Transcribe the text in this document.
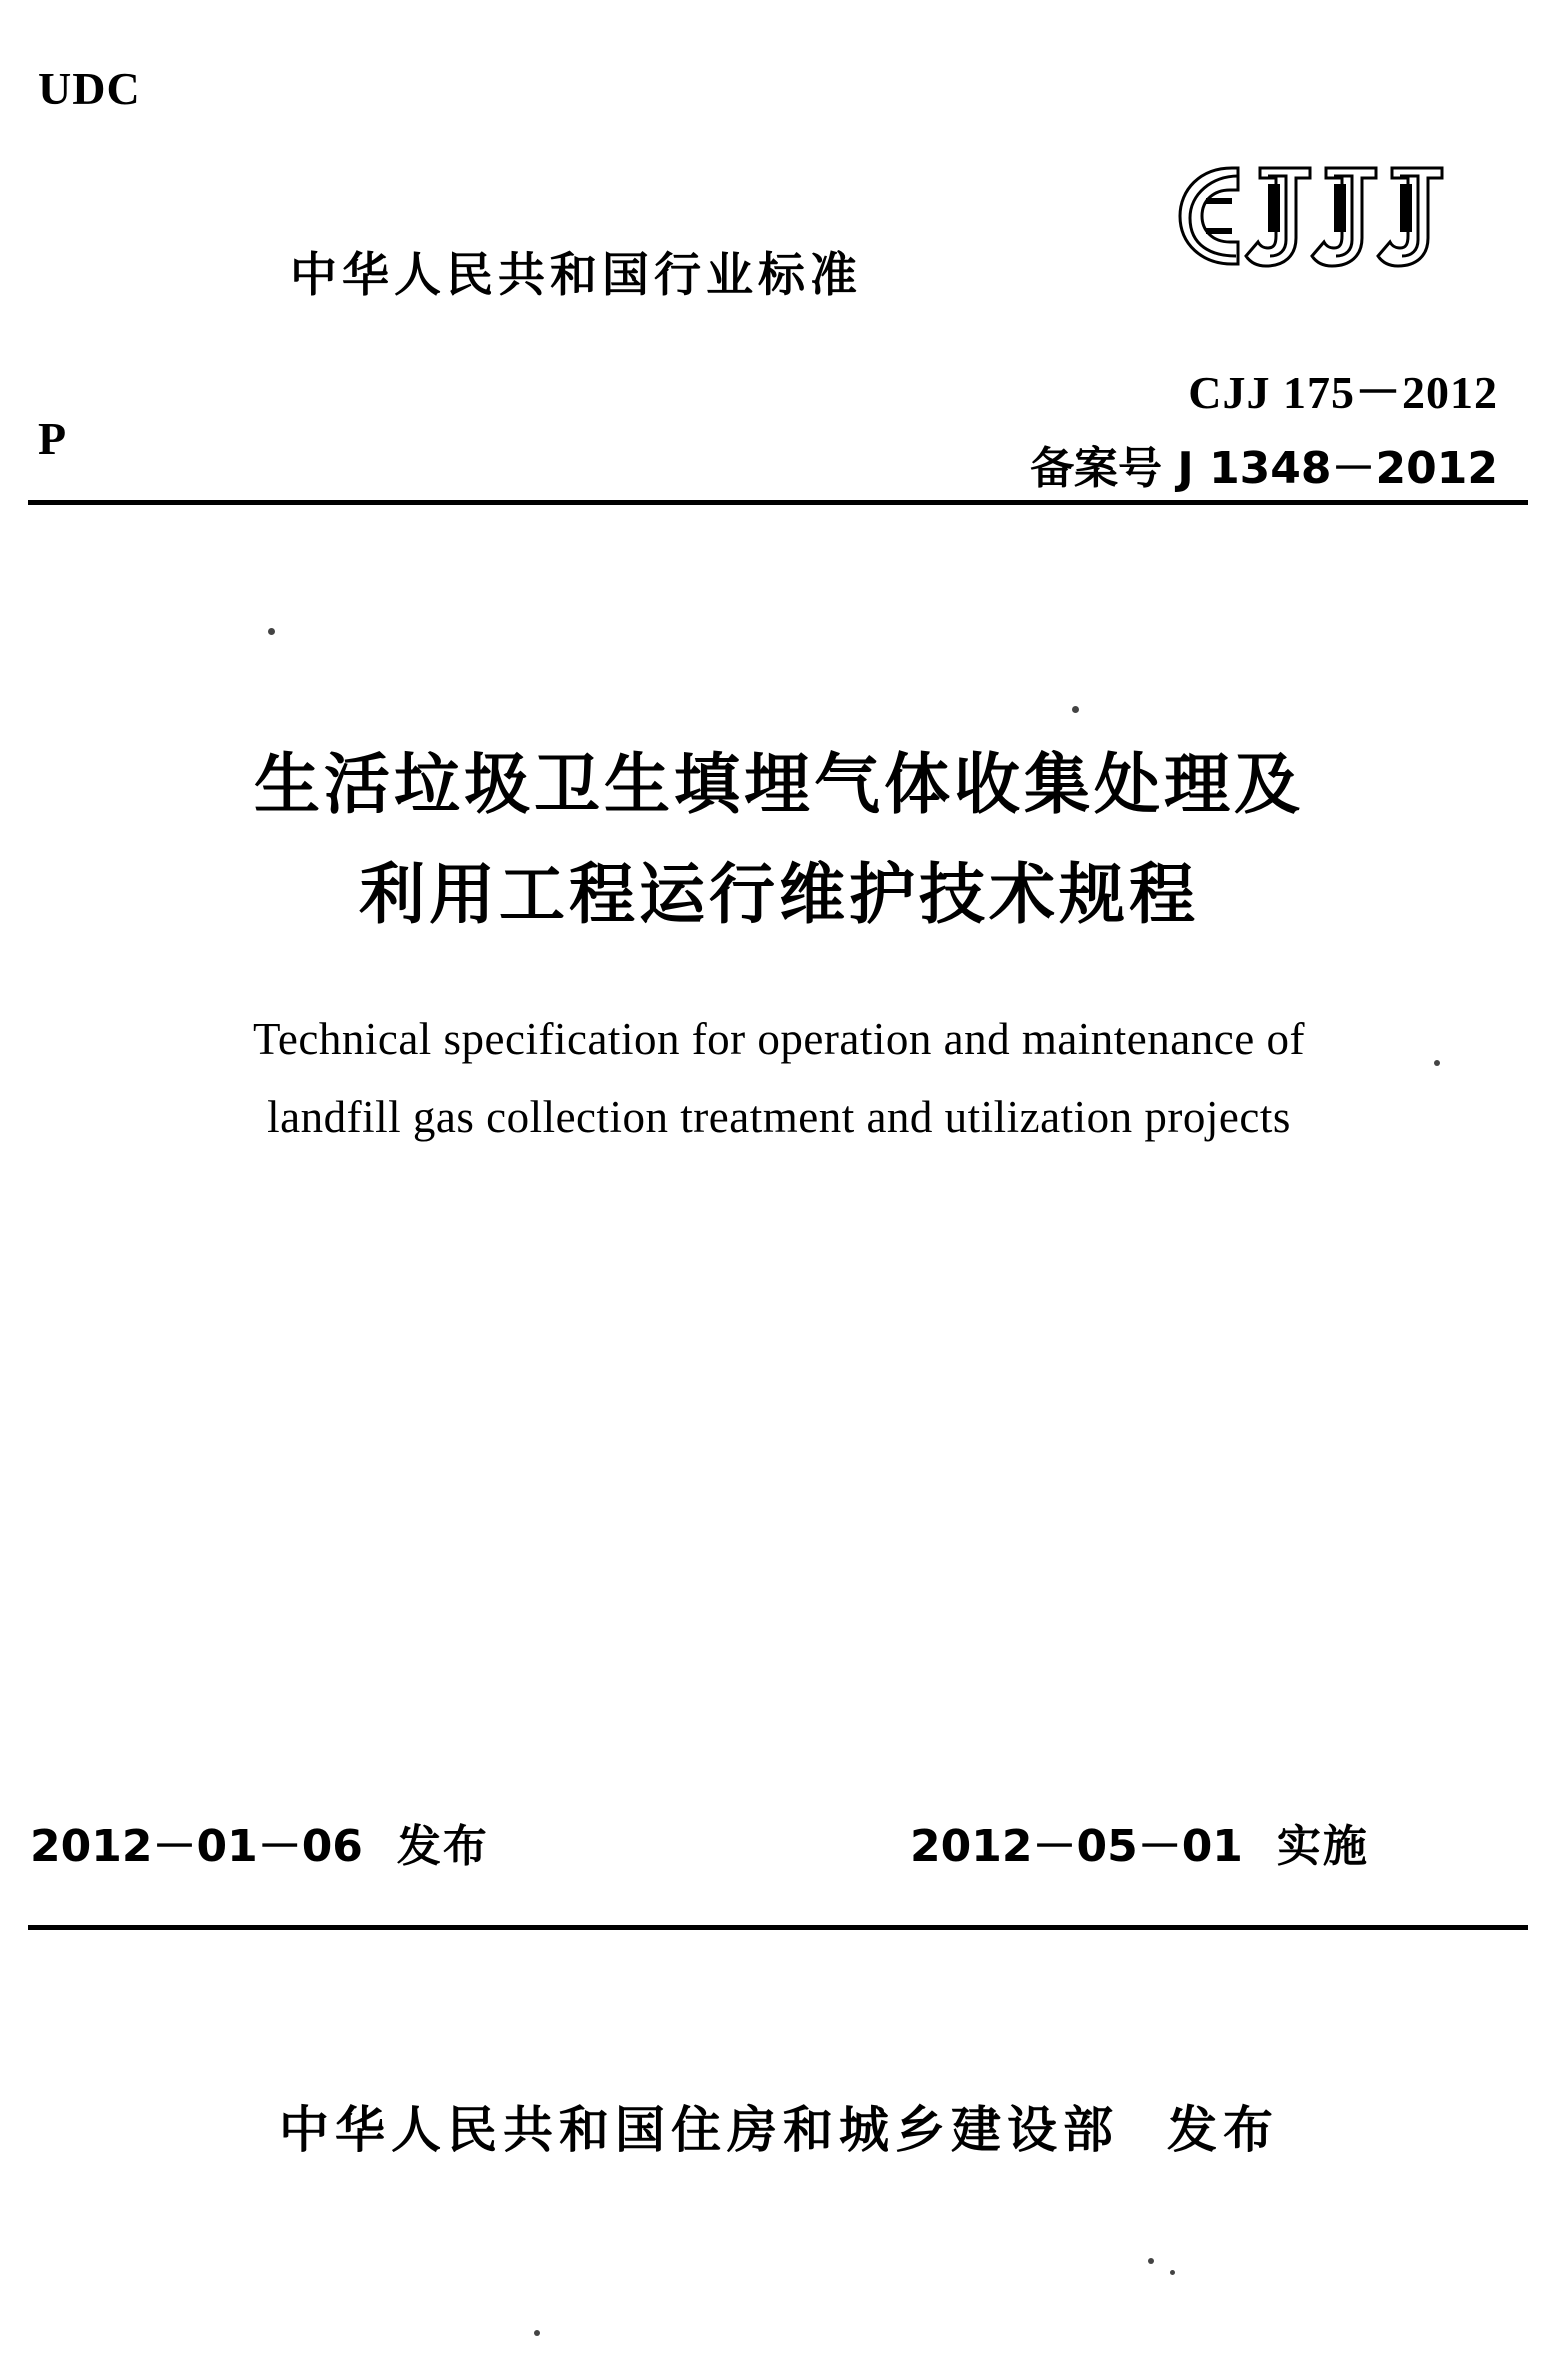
UDC
P
中华人民共和国行业标准
CJJ 175－2012
备案号 J 1348－2012
生活垃圾卫生填埋气体收集处理及
利用工程运行维护技术规程
Technical specification for operation and maintenance of
landfill gas collection treatment and utilization projects
2012－01－06 发布	2012－05－01 实施
中华人民共和国住房和城乡建设部 发布
